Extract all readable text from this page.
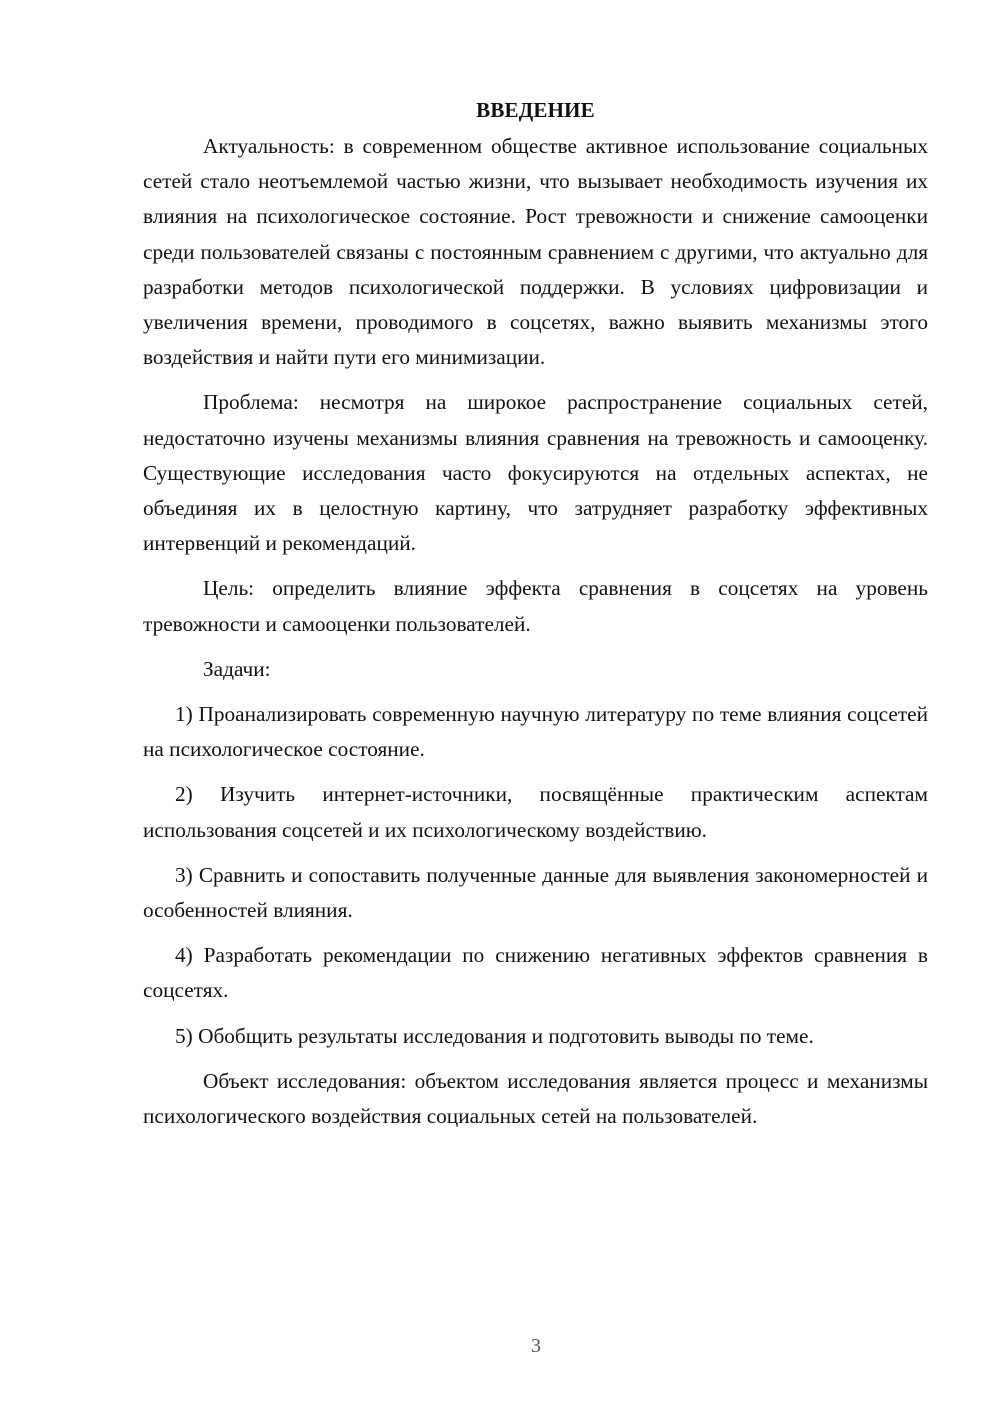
ВВЕДЕНИЕ

Актуальность: в современном обществе активное использование социальных сетей стало неотъемлемой частью жизни, что вызывает необходимость изучения их влияния на психологическое состояние. Рост тревожности и снижение самооценки среди пользователей связаны с постоянным сравнением с другими, что актуально для разработки методов психологической поддержки. В условиях цифровизации и увеличения времени, проводимого в соцсетях, важно выявить механизмы этого воздействия и найти пути его минимизации.

Проблема: несмотря на широкое распространение социальных сетей, недостаточно изучены механизмы влияния сравнения на тревожность и самооценку. Существующие исследования часто фокусируются на отдельных аспектах, не объединяя их в целостную картину, что затрудняет разработку эффективных интервенций и рекомендаций.

Цель: определить влияние эффекта сравнения в соцсетях на уровень тревожности и самооценки пользователей.

Задачи:

1) Проанализировать современную научную литературу по теме влияния соцсетей на психологическое состояние.

2) Изучить интернет-источники, посвящённые практическим аспектам использования соцсетей и их психологическому воздействию.

3) Сравнить и сопоставить полученные данные для выявления закономерностей и особенностей влияния.

4) Разработать рекомендации по снижению негативных эффектов сравнения в соцсетях.

5) Обобщить результаты исследования и подготовить выводы по теме.

Объект исследования: объектом исследования является процесс и механизмы психологического воздействия социальных сетей на пользователей.

3
